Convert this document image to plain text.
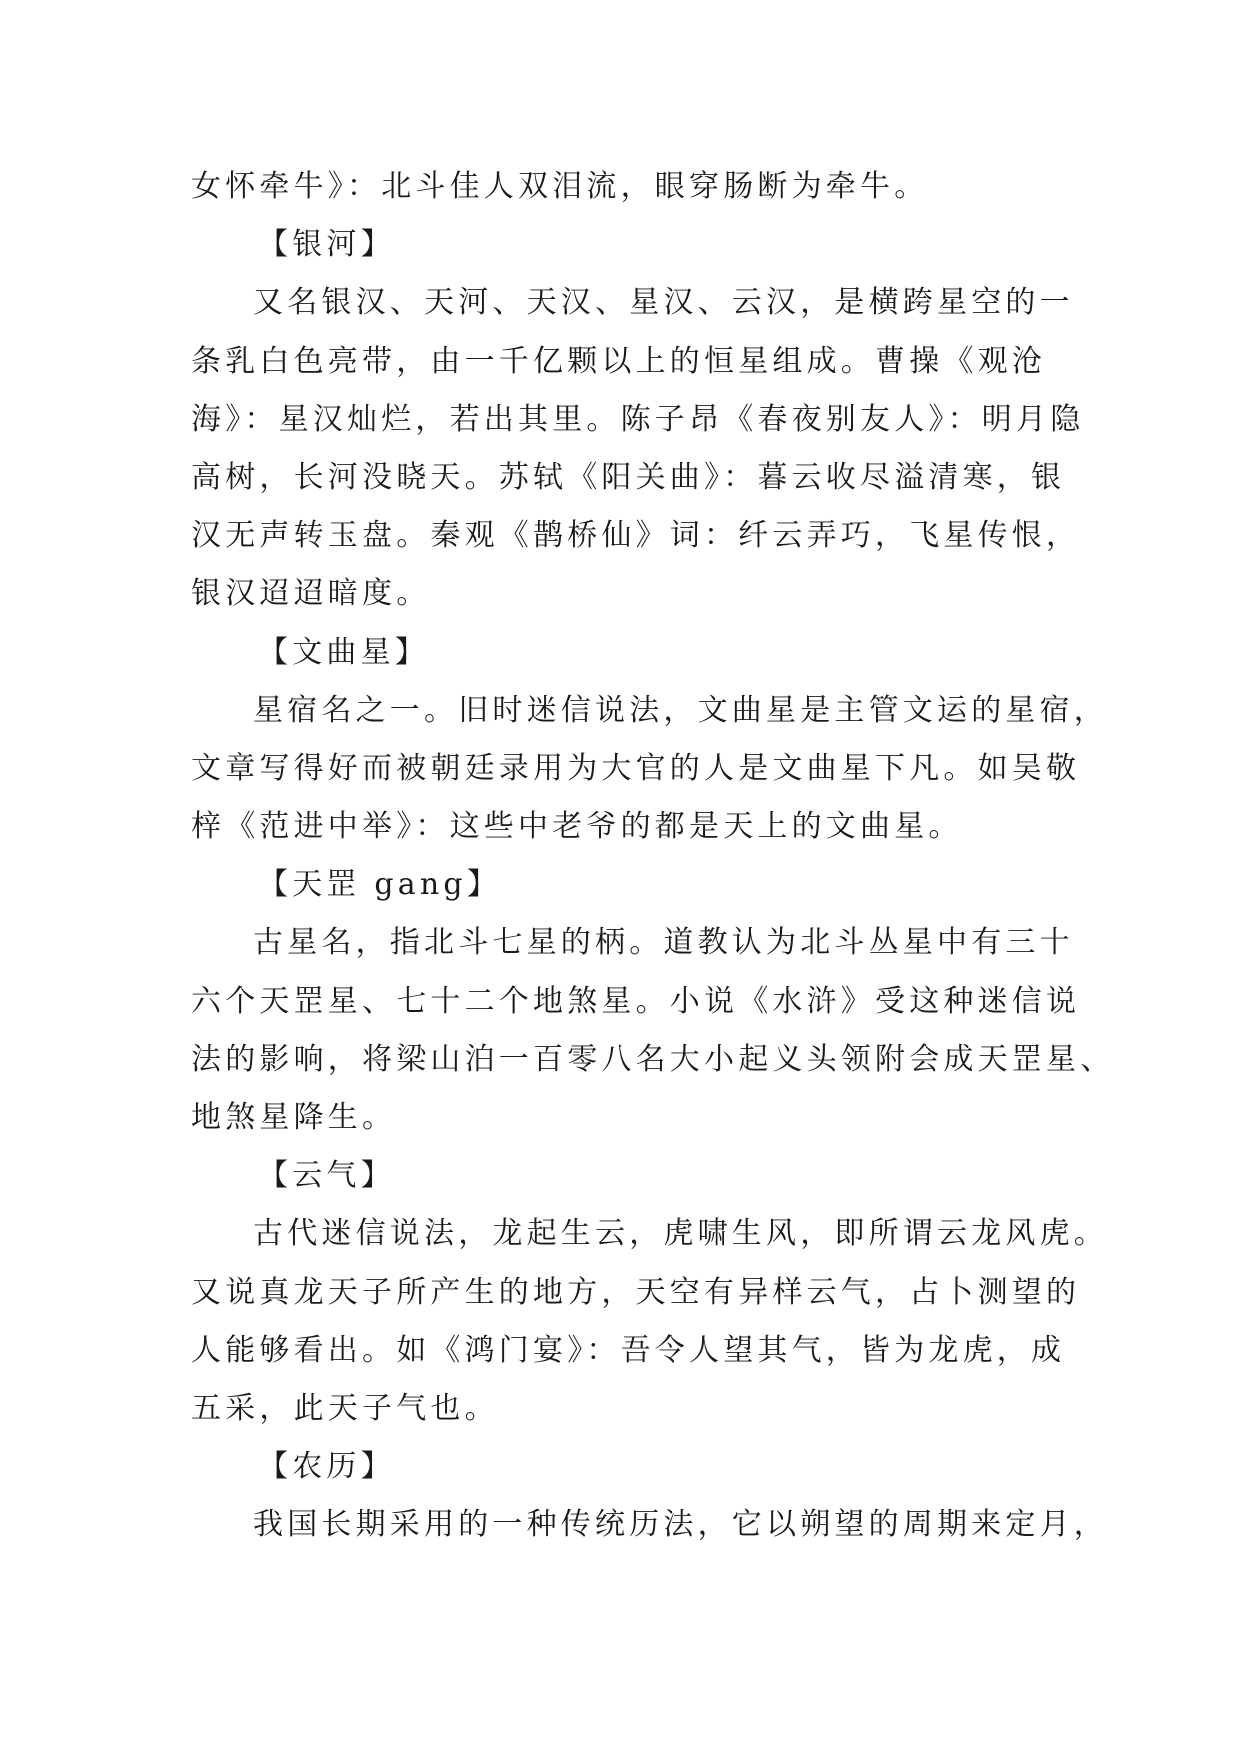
女怀牵牛》：北斗佳人双泪流，眼穿肠断为牵牛。

【银河】

又名银汉、天河、天汉、星汉、云汉，是横跨星空的一

条乳白色亮带，由一千亿颗以上的恒星组成。曹操《观沧

海》：星汉灿烂，若出其里。陈子昂《春夜别友人》：明月隐

高树，长河没晓天。苏轼《阳关曲》：暮云收尽溢清寒，银

汉无声转玉盘。秦观《鹊桥仙》词：纤云弄巧，飞星传恨，

银汉迢迢暗度。

【文曲星】

星宿名之一。旧时迷信说法，文曲星是主管文运的星宿，

文章写得好而被朝廷录用为大官的人是文曲星下凡。如吴敬

梓《范进中举》：这些中老爷的都是天上的文曲星。

【天罡 gang】

古星名，指北斗七星的柄。道教认为北斗丛星中有三十

六个天罡星、七十二个地煞星。小说《水浒》受这种迷信说

法的影响，将梁山泊一百零八名大小起义头领附会成天罡星、

地煞星降生。

【云气】

古代迷信说法，龙起生云，虎啸生风，即所谓云龙风虎。

又说真龙天子所产生的地方，天空有异样云气，占卜测望的

人能够看出。如《鸿门宴》：吾令人望其气，皆为龙虎，成

五采，此天子气也。

【农历】

我国长期采用的一种传统历法，它以朔望的周期来定月，
